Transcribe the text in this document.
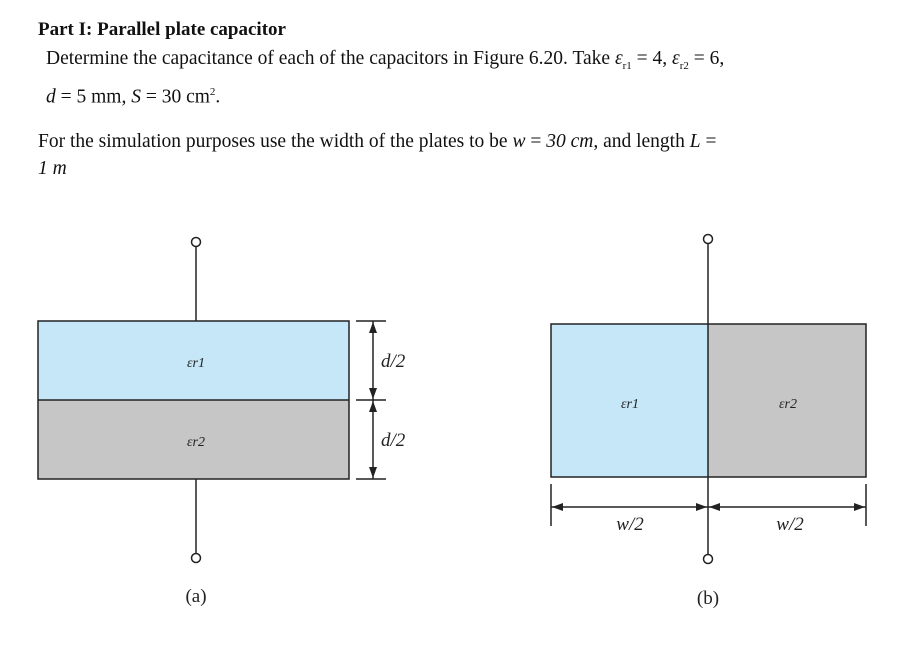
Part I: Parallel plate capacitor
Determine the capacitance of each of the capacitors in Figure 6.20. Take $\varepsilon_{r1} = 4$, $\varepsilon_{r2} = 6$,
d = 5 mm, S = 30 $cm^2$.
For the simulation purposes use the width of the plates to be w = 30 cm, and length L =
1 m
εr1
εr2
d/2
d/2
(a)
εr1	εr2
w/2	w/2
(b)
